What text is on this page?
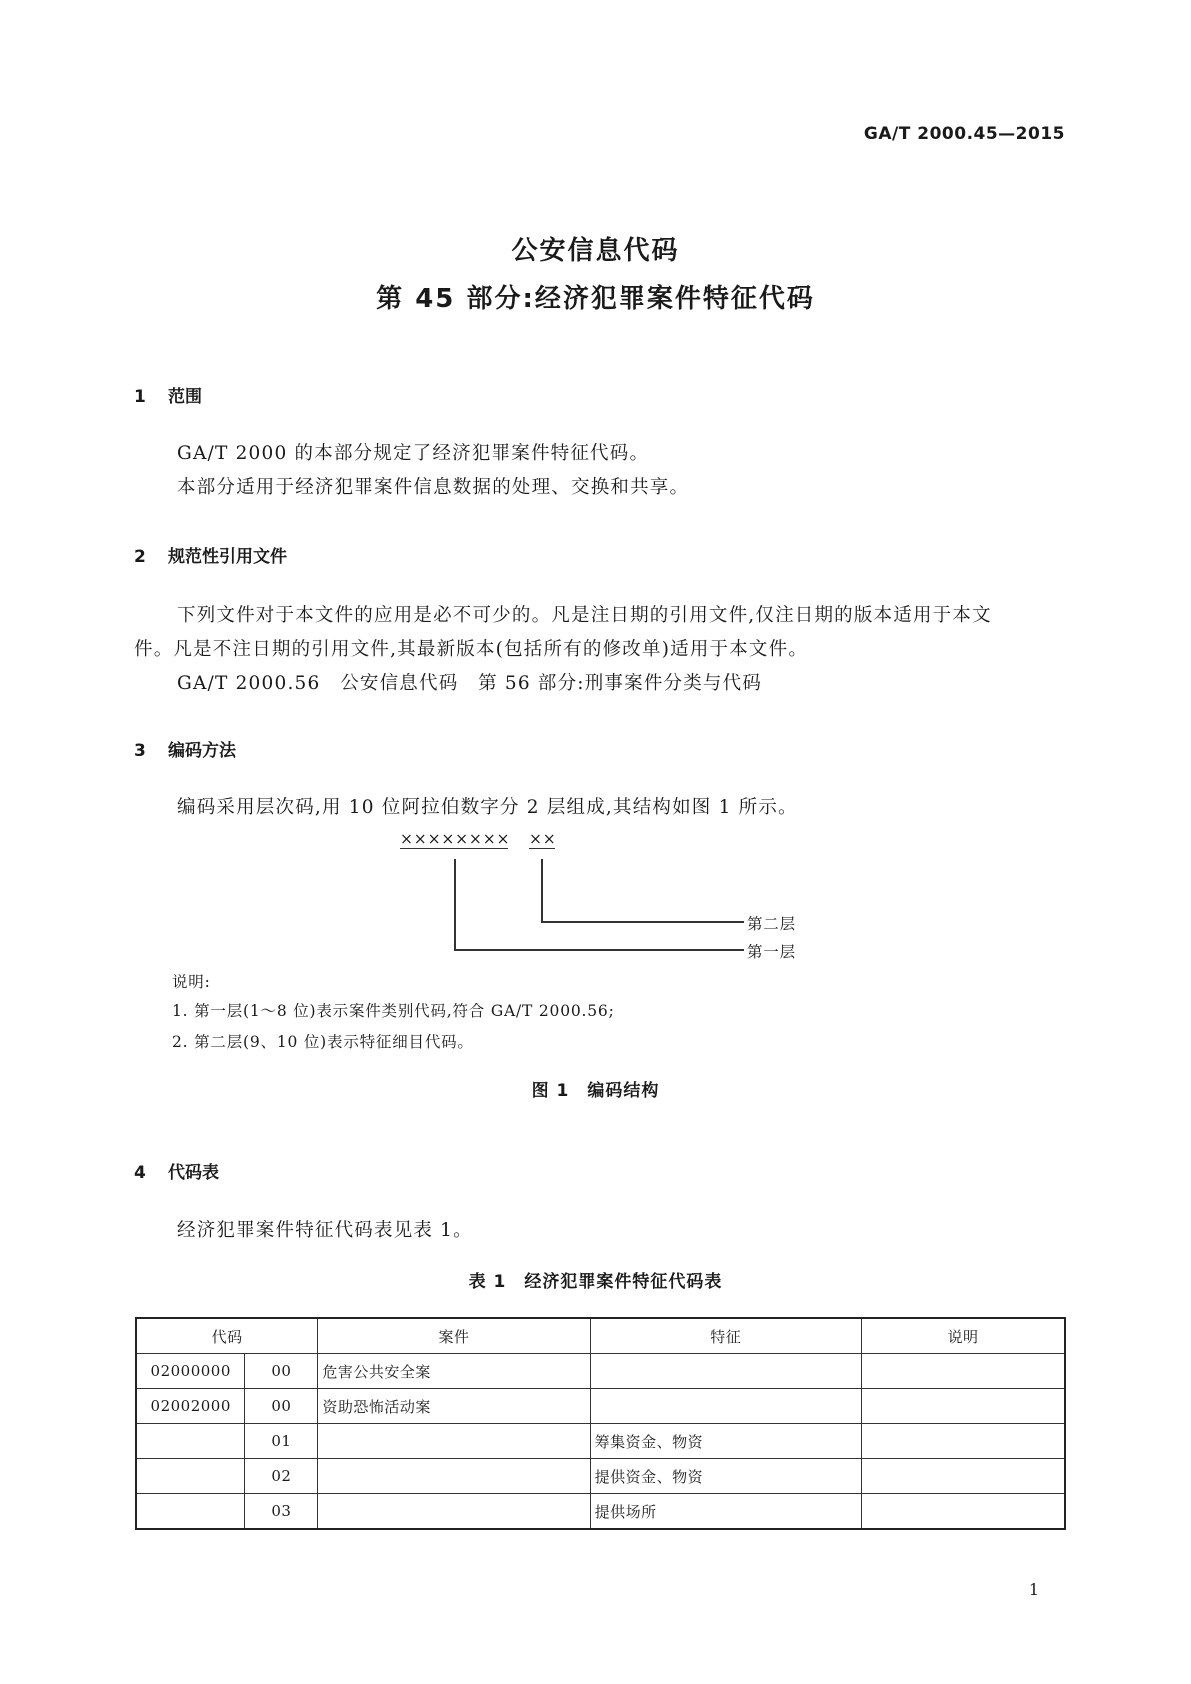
GA/T 2000.45—2015
公安信息代码
第 45 部分:经济犯罪案件特征代码
1 范围
GA/T 2000 的本部分规定了经济犯罪案件特征代码。
本部分适用于经济犯罪案件信息数据的处理、交换和共享。
2 规范性引用文件
下列文件对于本文件的应用是必不可少的。凡是注日期的引用文件,仅注日期的版本适用于本文
件。凡是不注日期的引用文件,其最新版本(包括所有的修改单)适用于本文件。
GA/T 2000.56　公安信息代码　第 56 部分:刑事案件分类与代码
3 编码方法
编码采用层次码,用 10 位阿拉伯数字分 2 层组成,其结构如图 1 所示。
×××××××× ××
第二层
第一层
说明:
1. 第一层(1～8 位)表示案件类别代码,符合 GA/T 2000.56;
2. 第二层(9、10 位)表示特征细目代码。
图 1　编码结构
4 代码表
经济犯罪案件特征代码表见表 1。
表 1　经济犯罪案件特征代码表
代码		案件	特征	说明
02000000	00	危害公共安全案		
02002000	00	资助恐怖活动案		
	01		筹集资金、物资	
	02		提供资金、物资	
	03		提供场所	
1
